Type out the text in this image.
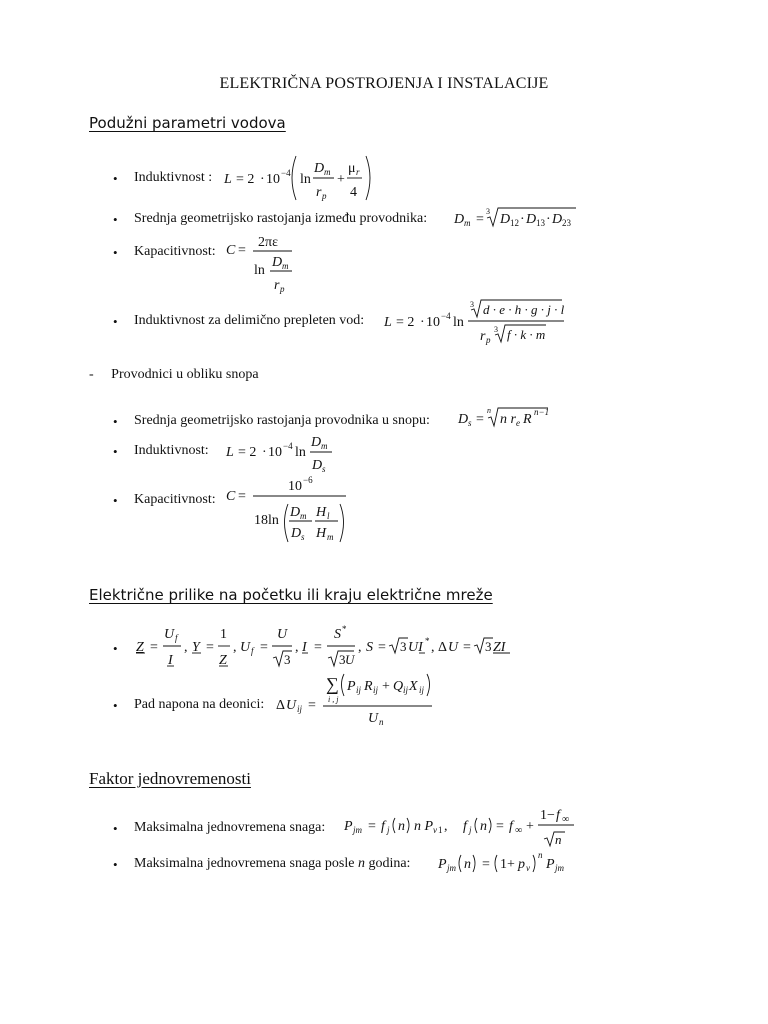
ELEKTRIČNA POSTROJENJA I INSTALACIJE
Podužni parametri vodova
• Induktivnost : L = 2 · 10 −4 ln
D m
r p
+
μ r
4
• Srednja geometrijsko rastojanja između provodnika: D m =
3
D 12 · D 13 · D 23
• Kapacitivnost: C =
2πε
ln
D m
r p
• Induktivnost za delimično prepleten vod: L = 2 · 10 −4 ln
3 d · e · h · g · j · l
r p
3 f · k · m
-     Provodnici u obliku snopa
• Srednja geometrijsko rastojanja provodnika u snopu: D s =
n
n r e R n−1
• Induktivnost: L = 2 · 10 −4 ln
D m
D s
• Kapacitivnost: C =
10 −6
18ln
D m
D s
H l
H m
Električne prilike na početku ili kraju električne mreže
• Z =
U f
I
, Y =
1
Z
, U f =
U
3
, I =
S *
3 U
, S = 3 UI * , Δ U = 3 ZI
• Pad napona na deonici: Δ U ij =
∑
i , j
P ij R ij + Q ij X ij
U n
Faktor jednovremenosti
• Maksimalna jednovremena snaga: P jm = f j n n P v 1 , f j n = f ∞ +
1− f ∞
n
• Maksimalna jednovremena snaga posle n godina: P jm n = 1+ p v
n
P jm
